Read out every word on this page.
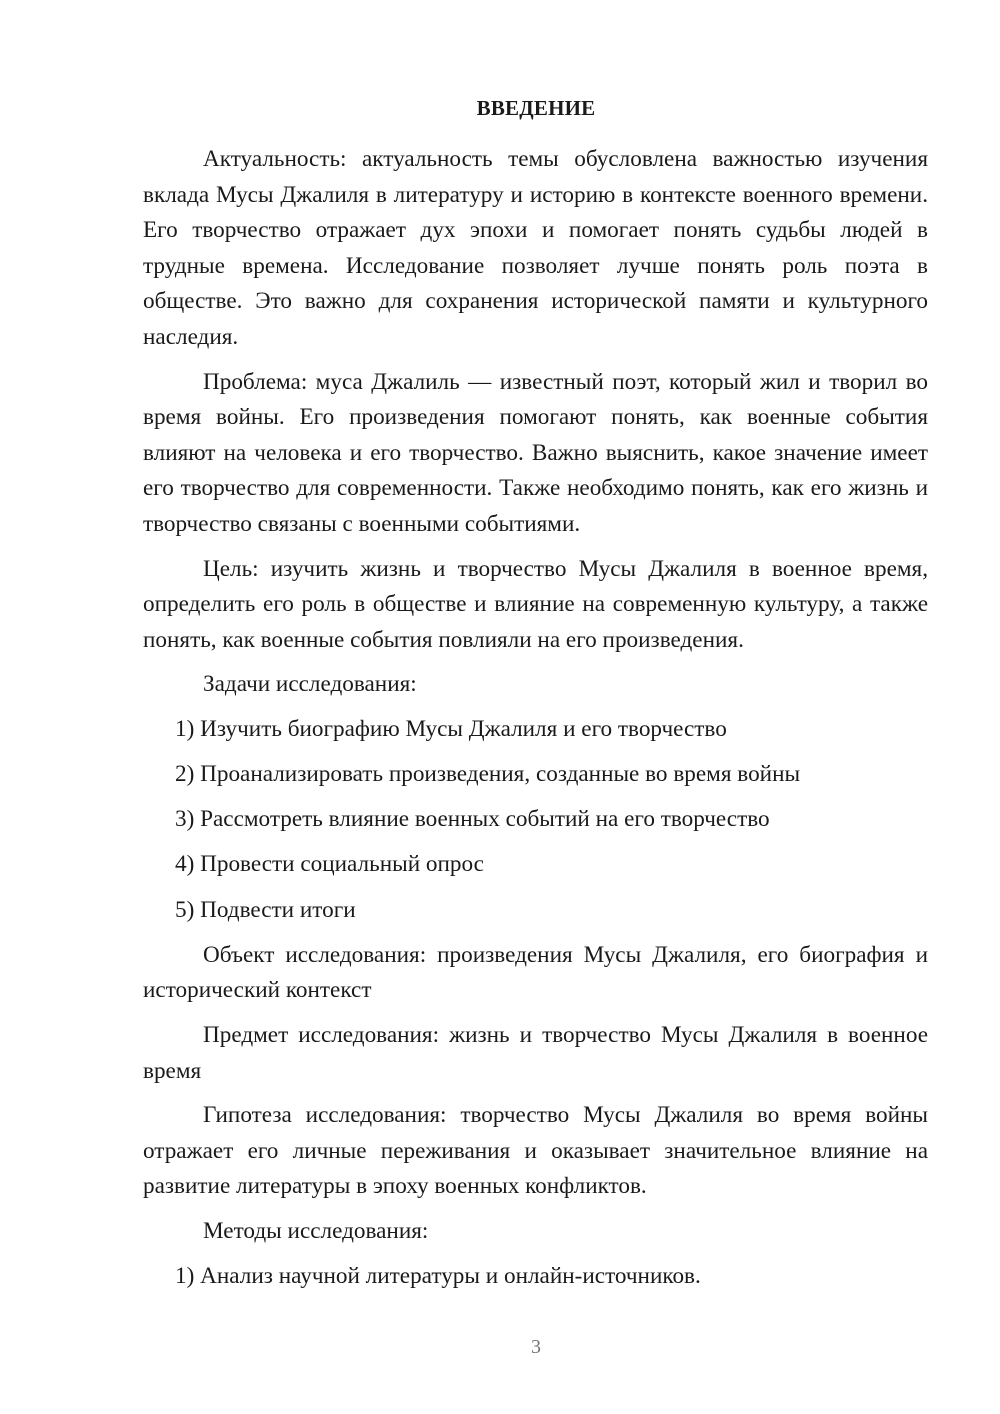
ВВЕДЕНИЕ

Актуальность: актуальность темы обусловлена важностью изучения вклада Мусы Джалиля в литературу и историю в контексте военного времени. Его творчество отражает дух эпохи и помогает понять судьбы людей в трудные времена. Исследование позволяет лучше понять роль поэта в обществе. Это важно для сохранения исторической памяти и культурного наследия.

Проблема: муса Джалиль — известный поэт, который жил и творил во время войны. Его произведения помогают понять, как военные события влияют на человека и его творчество. Важно выяснить, какое значение имеет его творчество для современности. Также необходимо понять, как его жизнь и творчество связаны с военными событиями.

Цель: изучить жизнь и творчество Мусы Джалиля в военное время, определить его роль в обществе и влияние на современную культуру, а также понять, как военные события повлияли на его произведения.

Задачи исследования:

1) Изучить биографию Мусы Джалиля и его творчество
2) Проанализировать произведения, созданные во время войны
3) Рассмотреть влияние военных событий на его творчество
4) Провести социальный опрос
5) Подвести итоги

Объект исследования: произведения Мусы Джалиля, его биография и исторический контекст

Предмет исследования: жизнь и творчество Мусы Джалиля в военное время

Гипотеза исследования: творчество Мусы Джалиля во время войны отражает его личные переживания и оказывает значительное влияние на развитие литературы в эпоху военных конфликтов.

Методы исследования:

1) Анализ научной литературы и онлайн-источников.
3
